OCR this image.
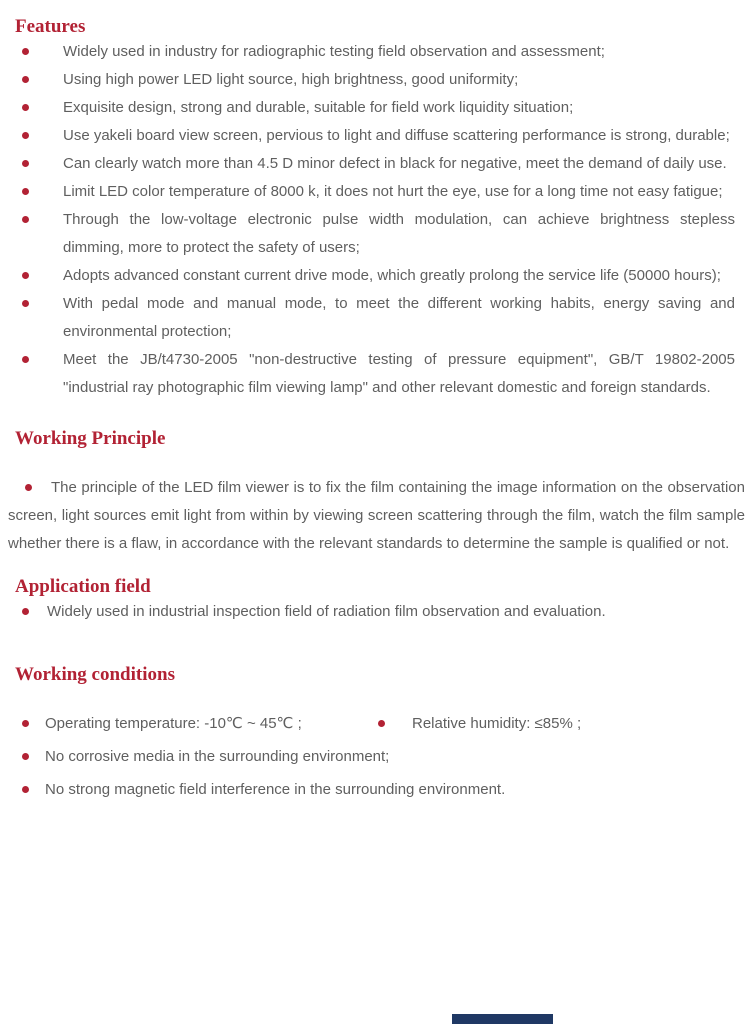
Features
Widely used in industry for radiographic testing field observation and assessment;
Using high power LED light source, high brightness, good uniformity;
Exquisite design, strong and durable, suitable for field work liquidity situation;
Use yakeli board view screen, pervious to light and diffuse scattering performance is strong, durable;
Can clearly watch more than 4.5 D minor defect in black for negative, meet the demand of daily use.
Limit LED color temperature of 8000 k, it does not hurt the eye, use for a long time not easy fatigue;
Through the low-voltage electronic pulse width modulation, can achieve brightness stepless dimming, more to protect the safety of users;
Adopts advanced constant current drive mode, which greatly prolong the service life (50000 hours);
With pedal mode and manual mode, to meet the different working habits, energy saving and environmental protection;
Meet the JB/t4730-2005 "non-destructive testing of pressure equipment", GB/T 19802-2005 "industrial ray photographic film viewing lamp" and other relevant domestic and foreign standards.
Working Principle

The principle of the LED film viewer is to fix the film containing the image information on the observation screen, light sources emit light from within by viewing screen scattering through the film, watch the film sample whether there is a flaw, in accordance with the relevant standards to determine the sample is qualified or not.

Application field
Widely used in industrial inspection field of radiation film observation and evaluation.
Working conditions
Operating temperature: -10℃ ~ 45℃ ;	Relative humidity: ≤85% ;
No corrosive media in the surrounding environment;
No strong magnetic field interference in the surrounding environment.
